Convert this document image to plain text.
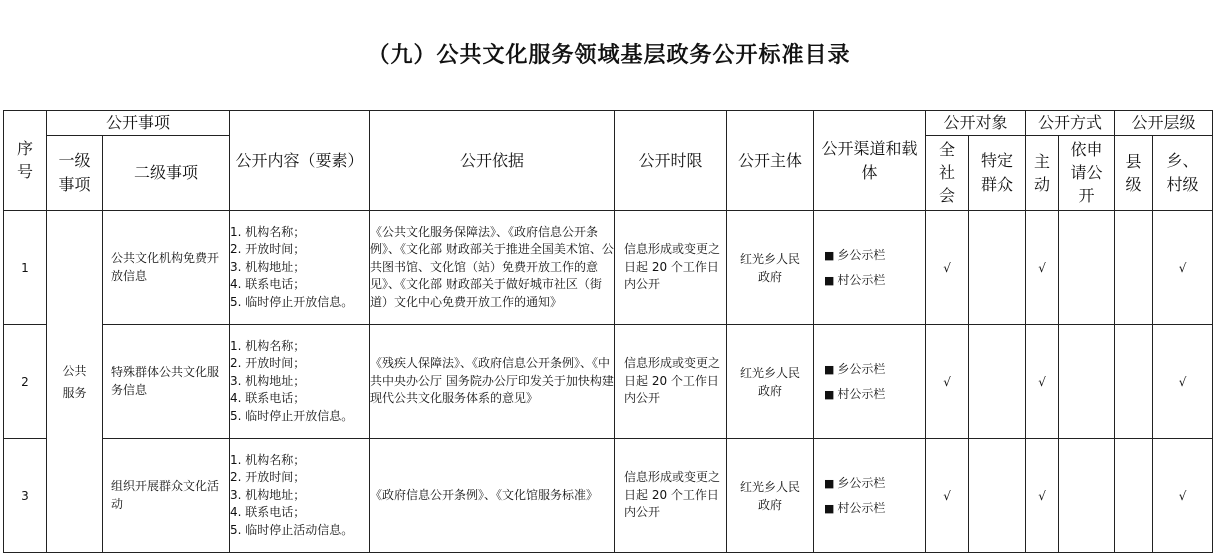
（九）公共文化服务领域基层政务公开标准目录
序号	公开事项		公开内容（要素）	公开依据	公开时限	公开主体	公开渠道和载体	公开对象		公开方式		公开层级	
	一级事项	二级事项						全社会	特定群众	主动	依申请公开	县级	乡、村级
1	公共服务	公共文化机构免费开放信息	1. 机构名称；
2. 开放时间；
3. 机构地址；
4. 联系电话；
5. 临时停止开放信息。	《公共文化服务保障法》、《政府信息公开条例》、《文化部 财政部关于推进全国美术馆、公共图书馆、文化馆（站）免费开放工作的意见》、《文化部 财政部关于做好城市社区（街道）文化中心免费开放工作的通知》	信息形成或变更之日起 20 个工作日内公开	红光乡人民政府	■ 乡公示栏
■ 村公示栏	√		√			√
2		特殊群体公共文化服务信息	1. 机构名称；
2. 开放时间；
3. 机构地址；
4. 联系电话；
5. 临时停止开放信息。	《残疾人保障法》、《政府信息公开条例》、《中共中央办公厅 国务院办公厅印发关于加快构建现代公共文化服务体系的意见》	信息形成或变更之日起 20 个工作日内公开	红光乡人民政府	■ 乡公示栏
■ 村公示栏	√		√			√
3		组织开展群众文化活动	1. 机构名称；
2. 开放时间；
3. 机构地址；
4. 联系电话；
5. 临时停止活动信息。	《政府信息公开条例》、《文化馆服务标准》	信息形成或变更之日起 20 个工作日内公开	红光乡人民政府	■ 乡公示栏
■ 村公示栏	√		√			√
